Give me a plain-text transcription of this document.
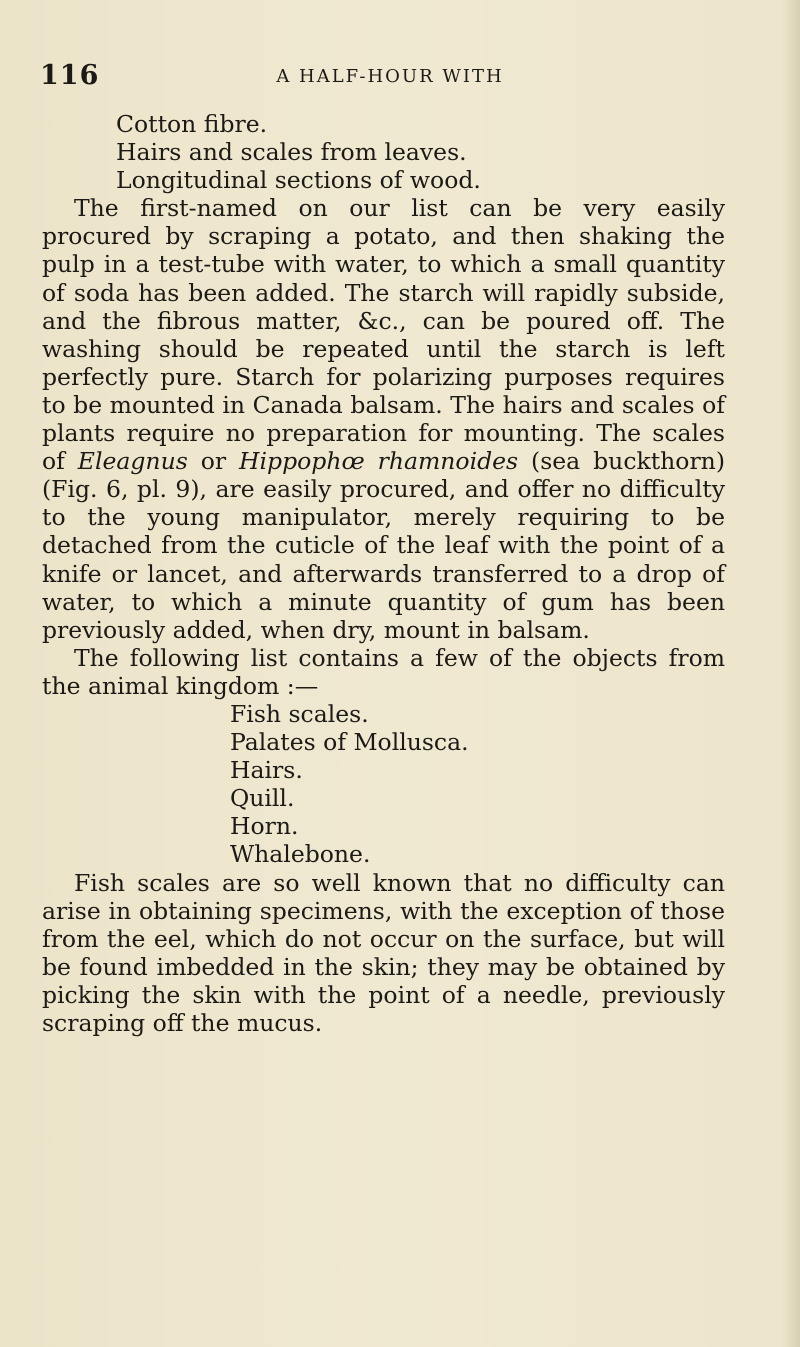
116	A HALF-HOUR WITH
Cotton fibre.
Hairs and scales from leaves.
Longitudinal sections of wood.

The first-named on our list can be very easily procured by scraping a potato, and then shaking the pulp in a test-tube with water, to which a small quantity of soda has been added. The starch will rapidly subside, and the fibrous matter, &c., can be poured off. The washing should be repeated until the starch is left perfectly pure. Starch for polarizing purposes requires to be mounted in Canada balsam. The hairs and scales of plants require no preparation for mounting. The scales of Eleagnus or Hippophœ rhamnoides (sea buckthorn) (Fig. 6, pl. 9), are easily procured, and offer no difficulty to the young manipulator, merely requiring to be detached from the cuticle of the leaf with the point of a knife or lancet, and afterwards transferred to a drop of water, to which a minute quantity of gum has been previously added, when dry, mount in balsam.

The following list contains a few of the objects from the animal kingdom :—

Fish scales.
Palates of Mollusca.
Hairs.
Quill.
Horn.
Whalebone.

Fish scales are so well known that no difficulty can arise in obtaining specimens, with the exception of those from the eel, which do not occur on the surface, but will be found imbedded in the skin; they may be obtained by picking the skin with the point of a needle, previously scraping off the mucus.
